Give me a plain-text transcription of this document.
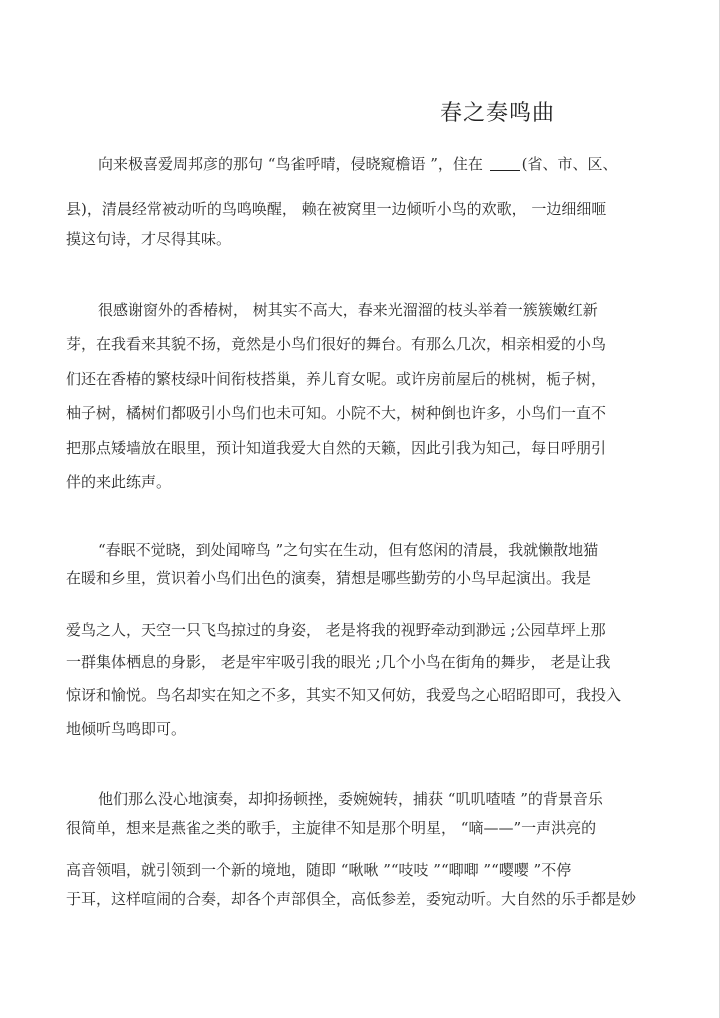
春之奏鸣曲
向来极喜爱周邦彦的那句 “鸟雀呼晴，侵晓窥檐语 ”，住在 (省、市、区、
县)，清晨经常被动听的鸟鸣唤醒， 赖在被窝里一边倾听小鸟的欢歌， 一边细细咂
摸这句诗，才尽得其味。
很感谢窗外的香椿树， 树其实不高大，春来光溜溜的枝头举着一簇簇嫩红新
芽，在我看来其貌不扬，竟然是小鸟们很好的舞台。有那么几次，相亲相爱的小鸟
们还在香椿的繁枝绿叶间衔枝搭巢，养儿育女呢。或许房前屋后的桃树，栀子树，
柚子树，橘树们都吸引小鸟们也未可知。小院不大，树种倒也许多，小鸟们一直不
把那点矮墙放在眼里，预计知道我爱大自然的天籁，因此引我为知己，每日呼朋引
伴的来此练声。
“春眠不觉晓，到处闻啼鸟 ”之句实在生动，但有悠闲的清晨，我就懒散地猫
在暖和乡里，赏识着小鸟们出色的演奏，猜想是哪些勤劳的小鸟早起演出。我是
爱鸟之人，天空一只飞鸟掠过的身姿， 老是将我的视野牵动到渺远 ;公园草坪上那
一群集体栖息的身影， 老是牢牢吸引我的眼光 ;几个小鸟在街角的舞步， 老是让我
惊讶和愉悦。鸟名却实在知之不多，其实不知又何妨，我爱鸟之心昭昭即可，我投入
地倾听鸟鸣即可。
他们那么没心地演奏，却抑扬顿挫，委婉婉转，捕获 “叽叽喳喳 ”的背景音乐
很简单，想来是燕雀之类的歌手，主旋律不知是那个明星， “嘀——”一声洪亮的
高音领唱，就引领到一个新的境地，随即 “啾啾 ”“吱吱 ”“唧唧 ”“嘤嘤 ”不停
于耳，这样喧闹的合奏，却各个声部俱全，高低参差，委宛动听。大自然的乐手都是妙
